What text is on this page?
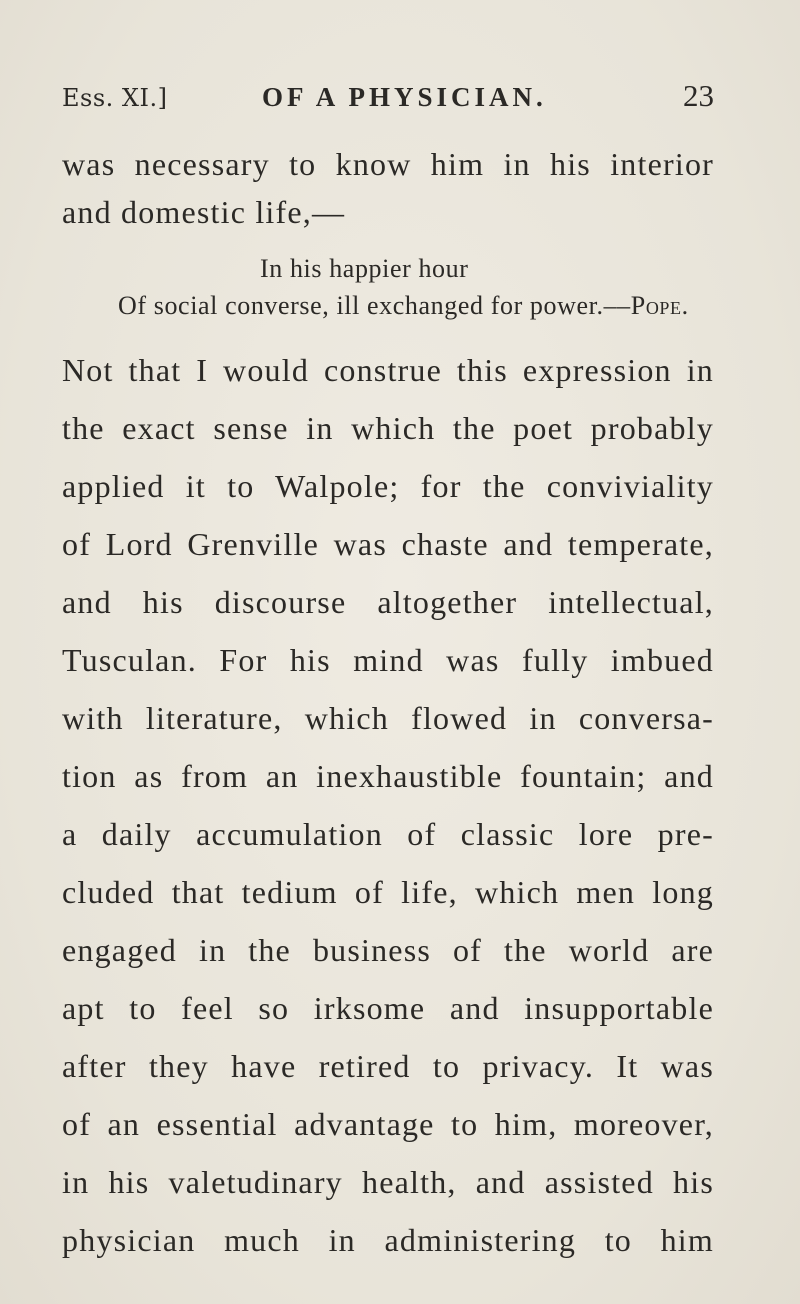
Ess. XI.]	OF A PHYSICIAN.	23
was necessary to know him in his interior
and domestic life,—
In his happier hour
Of social converse, ill exchanged for power.––Pope.
Not that I would construe this expression in
the exact sense in which the poet probably
applied it to Walpole; for the conviviality
of Lord Grenville was chaste and temperate,
and his discourse altogether intellectual,
Tusculan. For his mind was fully imbued
with literature, which flowed in conversa-
tion as from an inexhaustible fountain; and
a daily accumulation of classic lore pre-
cluded that tedium of life, which men long
engaged in the business of the world are
apt to feel so irksome and insupportable
after they have retired to privacy. It was
of an essential advantage to him, moreover,
in his valetudinary health, and assisted his
physician much in administering to him
